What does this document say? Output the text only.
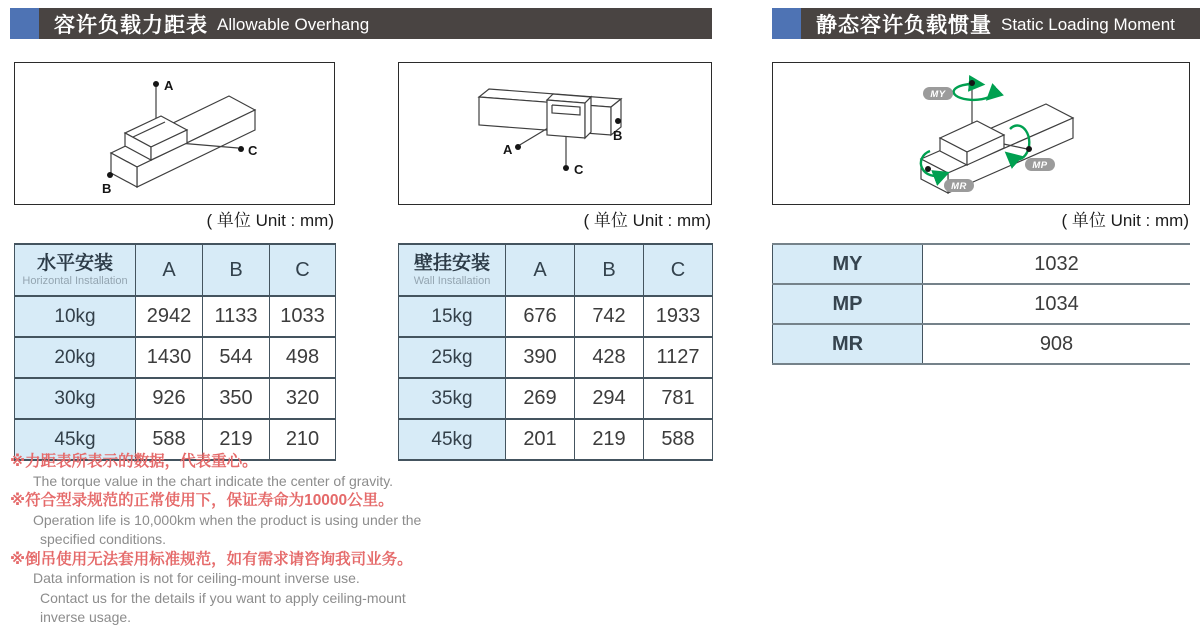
容许负载力距表 Allowable Overhang	静态容许负载惯量 Static Loading Moment
A
B
C
( 单位 Unit : mm)
水平安装
Horizontal Installation	A	B	C
10kg	2942	1133	1033
20kg	1430	544	498
30kg	926	350	320
45kg	588	219	210
A
B
C
( 单位 Unit : mm)
壁挂安装
Wall Installation	A	B	C
15kg	676	742	1933
25kg	390	428	1127
35kg	269	294	781
45kg	201	219	588
MY
MP
MR
( 单位 Unit : mm)
MY	1032
MP	1034
MR	908
※力距表所表示的数据，代表重心。
The torque value in the chart indicate the center of gravity.
※符合型录规范的正常使用下，保证寿命为10000公里。
Operation life is 10,000km when the product is using under the
specified conditions.
※倒吊使用无法套用标准规范，如有需求请咨询我司业务。
Data information is not for ceiling-mount inverse use.
Contact us for the details if you want to apply ceiling-mount
inverse usage.
